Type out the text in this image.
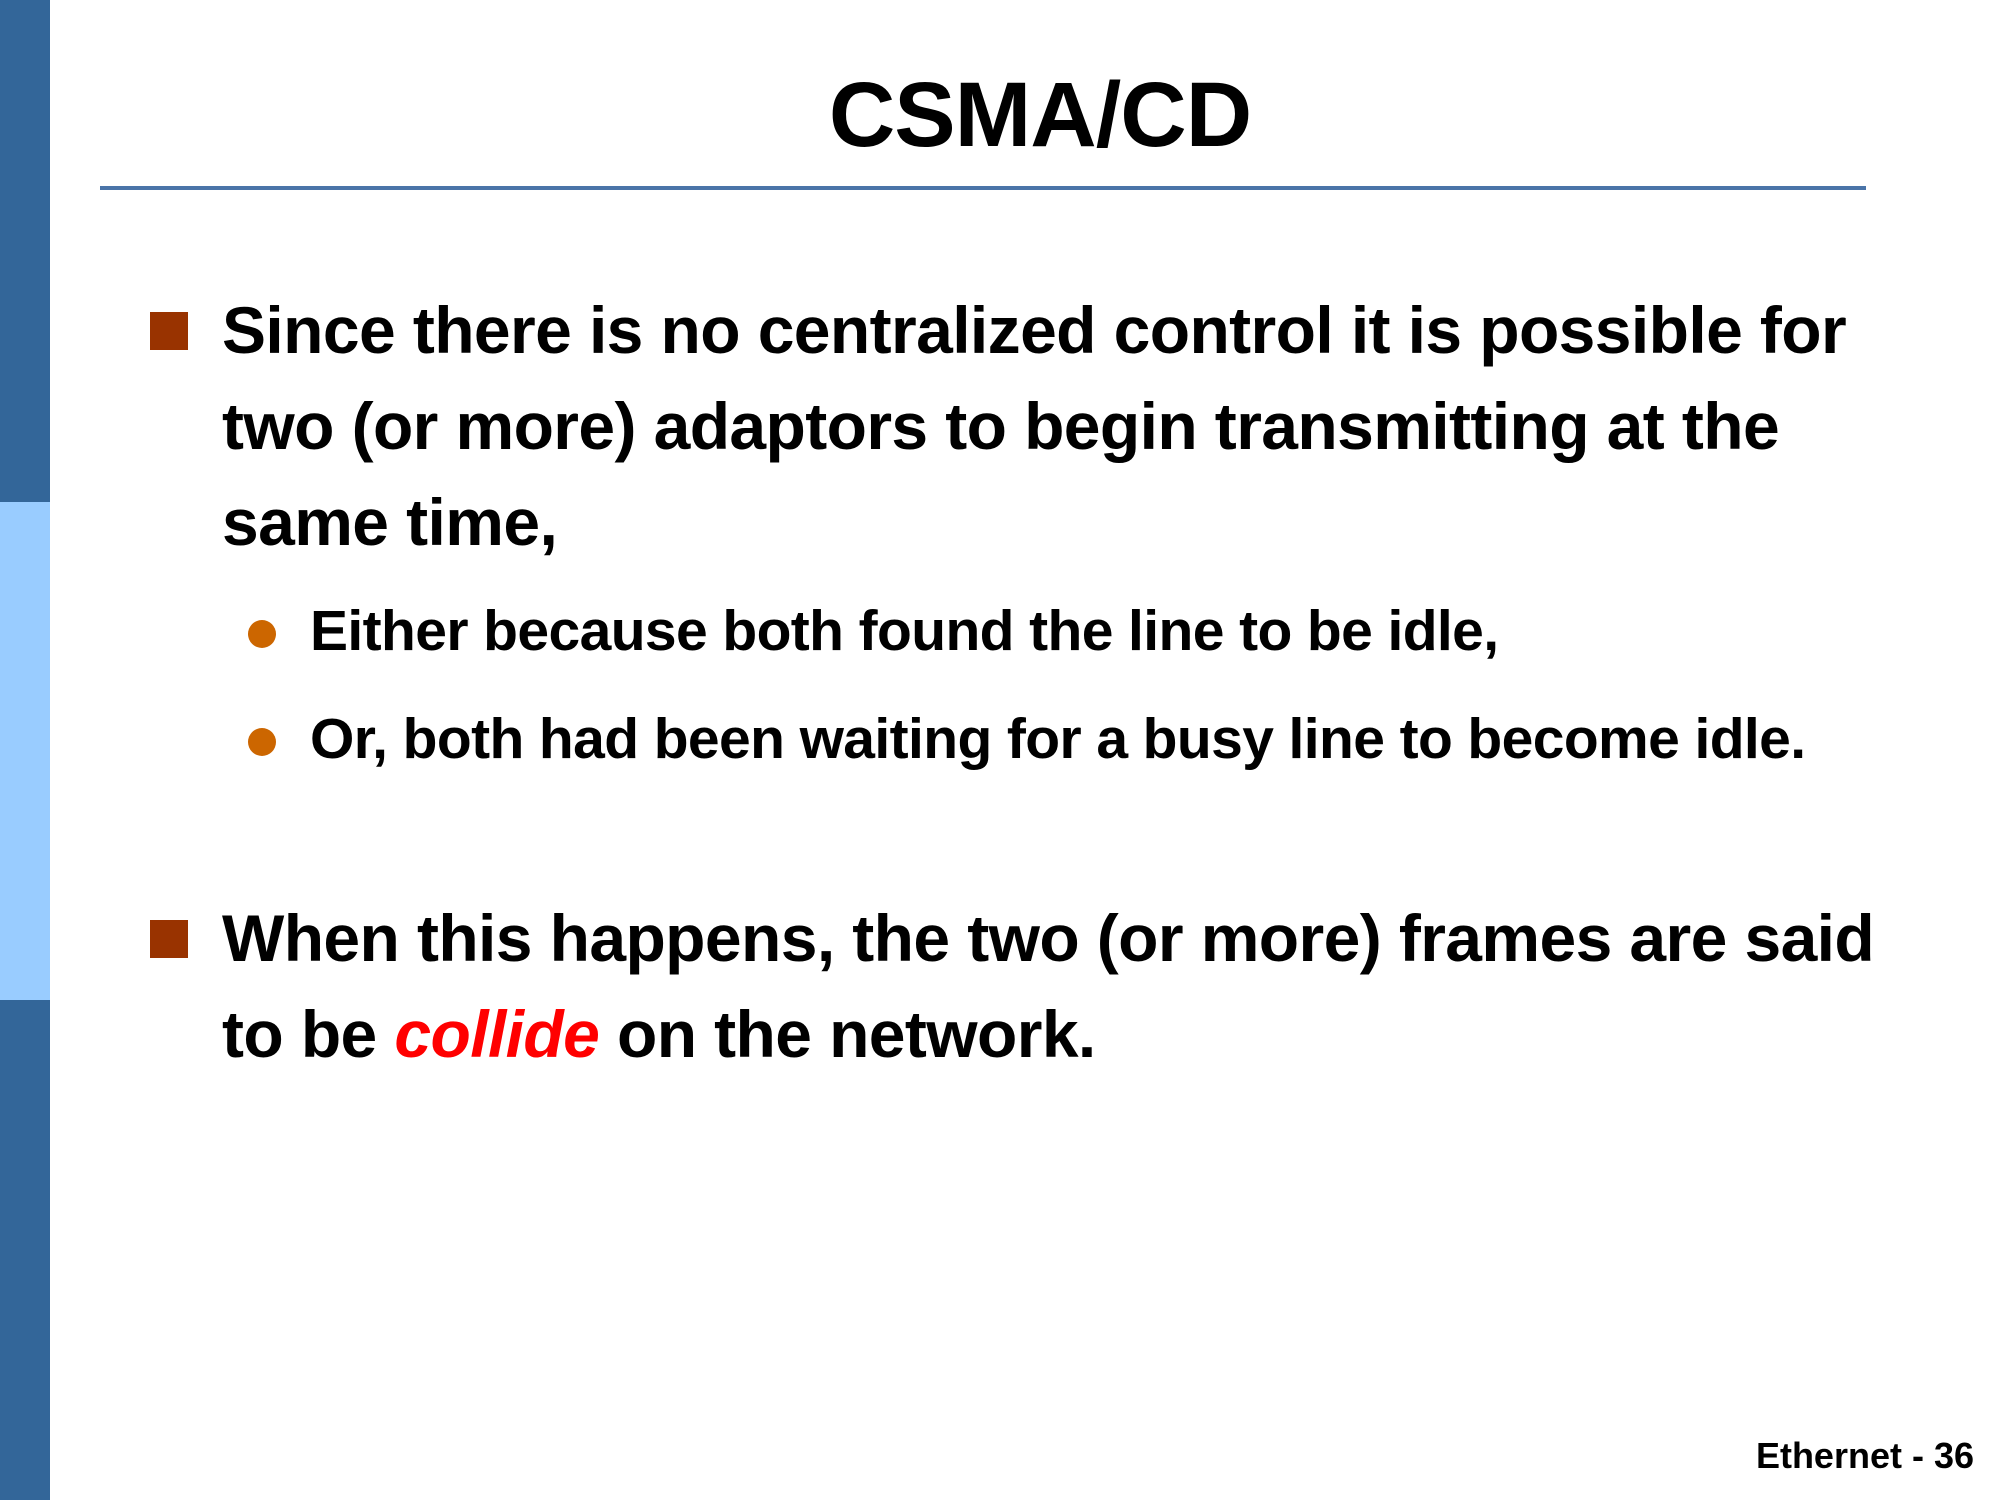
CSMA/CD
Since there is no centralized control it is possible for two (or more) adaptors to begin transmitting at the same time,
Either because both found the line to be idle,
Or, both had been waiting for a busy line to become idle.
When this happens, the two (or more) frames are said to be collide on the network.
Ethernet - 36
